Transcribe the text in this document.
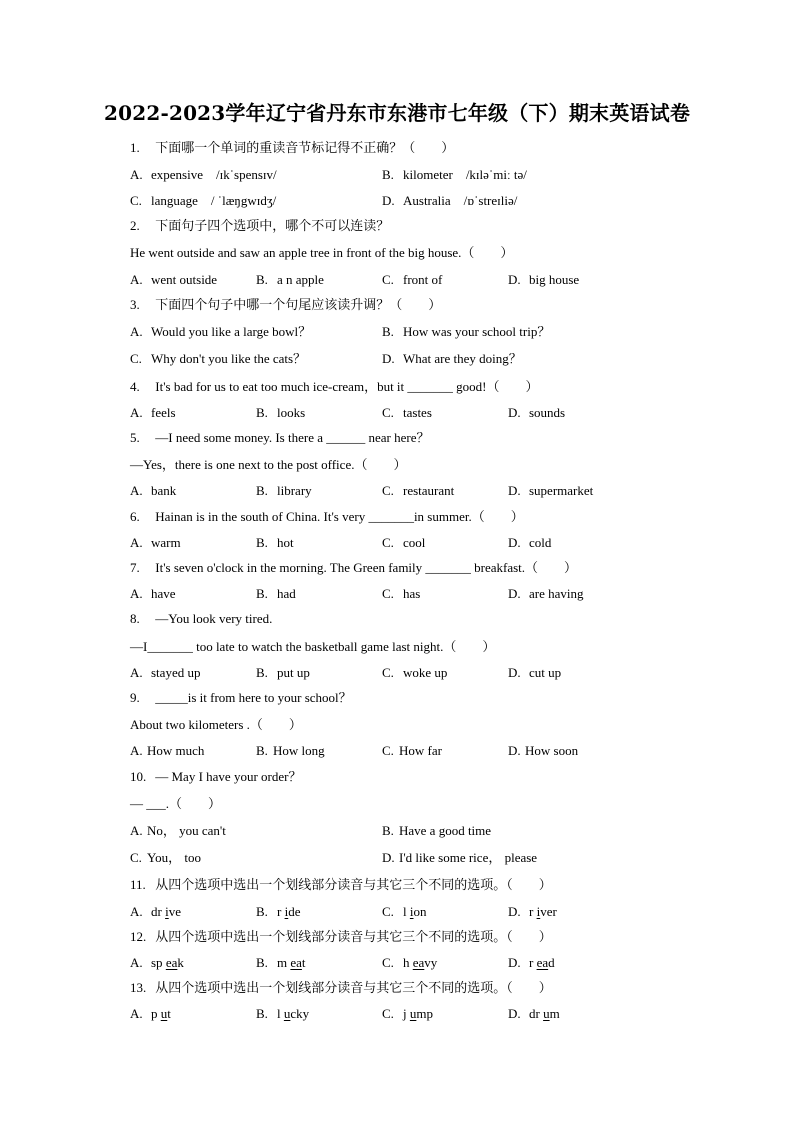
2022-2023学年辽宁省丹东市东港市七年级（下）期末英语试卷
1. 下面哪一个单词的重读音节标记得不正确？（　　）
A. expensive　/ɪkˈspensɪv/	B. kilometer　/kɪləˈmiː tə/
C. language　/ ˈlæŋgwɪdʒ/	D. Australia　/ɒˈstreɪliə/
2. 下面句子四个选项中，哪个不可以连读？
He went outside and saw an apple tree in front of the big house.（　　）
A. went outside	B. a n apple	C. front of	D. big house
3. 下面四个句子中哪一个句尾应该读升调？（　　）
A. Would you like a large bowl？	B. How was your school trip？
C. Why don't you like the cats？	D. What are they doing？
4. It's bad for us to eat too much ice-cream，but it _______ good!（　　）
A. feels	B. looks	C. tastes	D. sounds
5. —I need some money. Is there a ______ near here？
—Yes，there is one next to the post office.（　　）
A. bank	B. library	C. restaurant	D. supermarket
6. Hainan is in the south of China. It's very _______in summer.（　　）
A. warm	B. hot	C. cool	D. cold
7. It's seven o'clock in the morning. The Green family _______ breakfast.（　　）
A. have	B. had	C. has	D. are having
8. —You look very tired.
—I_______ too late to watch the basketball game last night.（　　）
A. stayed up	B. put up	C. woke up	D. cut up
9. _____is it from here to your school？
About two kilometers .（　　）
A. How much	B. How long	C. How far	D. How soon
10. — May I have your order？
— ___.（　　）
A. No， you can't	B. Have a good time
C. You， too	D. I'd like some rice， please
11. 从四个选项中选出一个划线部分读音与其它三个不同的选项。（　　）
A. dr ive	B. r ide	C. l ion	D. r iver
12. 从四个选项中选出一个划线部分读音与其它三个不同的选项。（　　）
A. sp eak	B. m eat	C. h eavy	D. r ead
13. 从四个选项中选出一个划线部分读音与其它三个不同的选项。（　　）
A. p ut	B. l ucky	C. j ump	D. dr um
